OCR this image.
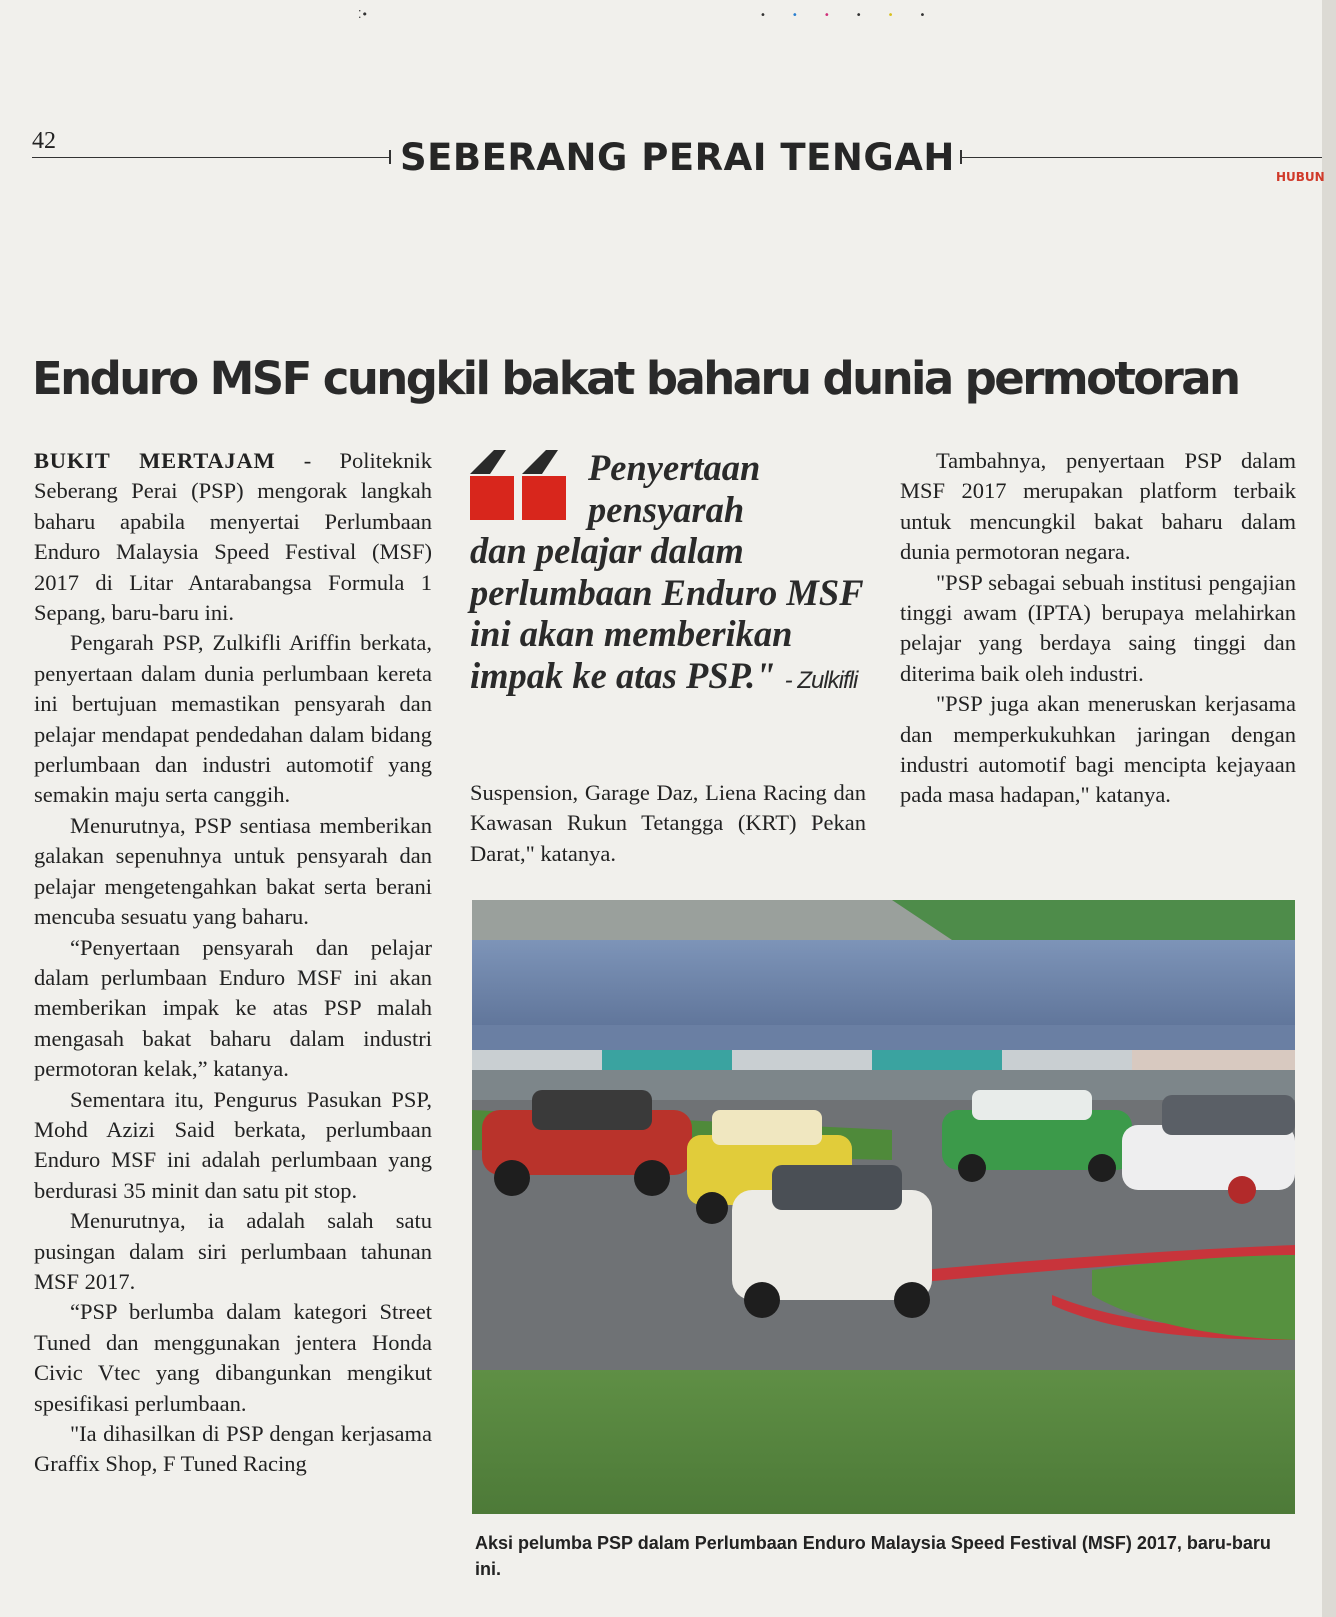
⁚•	••••••
42	SEBERANG PERAI TENGAH	HUBUN
Enduro MSF cungkil bakat baharu dunia permotoran

BUKIT MERTAJAM - Politeknik Seberang Perai (PSP) mengorak langkah baharu apabila menyertai Perlumbaan Enduro Malaysia Speed Festival (MSF) 2017 di Litar Antarabangsa Formula 1 Sepang, baru-baru ini.

Pengarah PSP, Zulkifli Ariffin berkata, penyertaan dalam dunia perlumbaan kereta ini bertujuan memastikan pensyarah dan pelajar mendapat pendedahan dalam bidang perlumbaan dan industri automotif yang semakin maju serta canggih.

Menurutnya, PSP sentiasa memberikan galakan sepenuhnya untuk pensyarah dan pelajar mengetengahkan bakat serta berani mencuba sesuatu yang baharu.

“Penyertaan pensyarah dan pelajar dalam perlumbaan Enduro MSF ini akan memberikan impak ke atas PSP malah mengasah bakat baharu dalam industri permotoran kelak,” katanya.

Sementara itu, Pengurus Pasukan PSP, Mohd Azizi Said berkata, perlumbaan Enduro MSF ini adalah perlumbaan yang berdurasi 35 minit dan satu pit stop.

Menurutnya, ia adalah salah satu pusingan dalam siri perlumbaan tahunan MSF 2017.

“PSP berlumba dalam kategori Street Tuned dan menggunakan jentera Honda Civic Vtec yang dibangunkan mengikut spesifikasi perlumbaan.

"Ia dihasilkan di PSP dengan kerjasama Graffix Shop, F Tuned Racing

Penyertaan
pensyarah
dan pelajar dalam perlumbaan Enduro MSF ini akan memberikan impak ke atas PSP." - Zulkifli

Suspension, Garage Daz, Liena Racing dan Kawasan Rukun Tetangga (KRT) Pekan Darat," katanya.

Tambahnya, penyertaan PSP dalam MSF 2017 merupakan platform terbaik untuk mencungkil bakat baharu dalam dunia permotoran negara.

"PSP sebagai sebuah institusi pengajian tinggi awam (IPTA) berupaya melahirkan pelajar yang berdaya saing tinggi dan diterima baik oleh industri.

"PSP juga akan meneruskan kerjasama dan memperkukuhkan jaringan dengan industri automotif bagi mencipta kejayaan pada masa hadapan," katanya.

Aksi pelumba PSP dalam Perlumbaan Enduro Malaysia Speed Festival (MSF) 2017, baru-baru ini.
